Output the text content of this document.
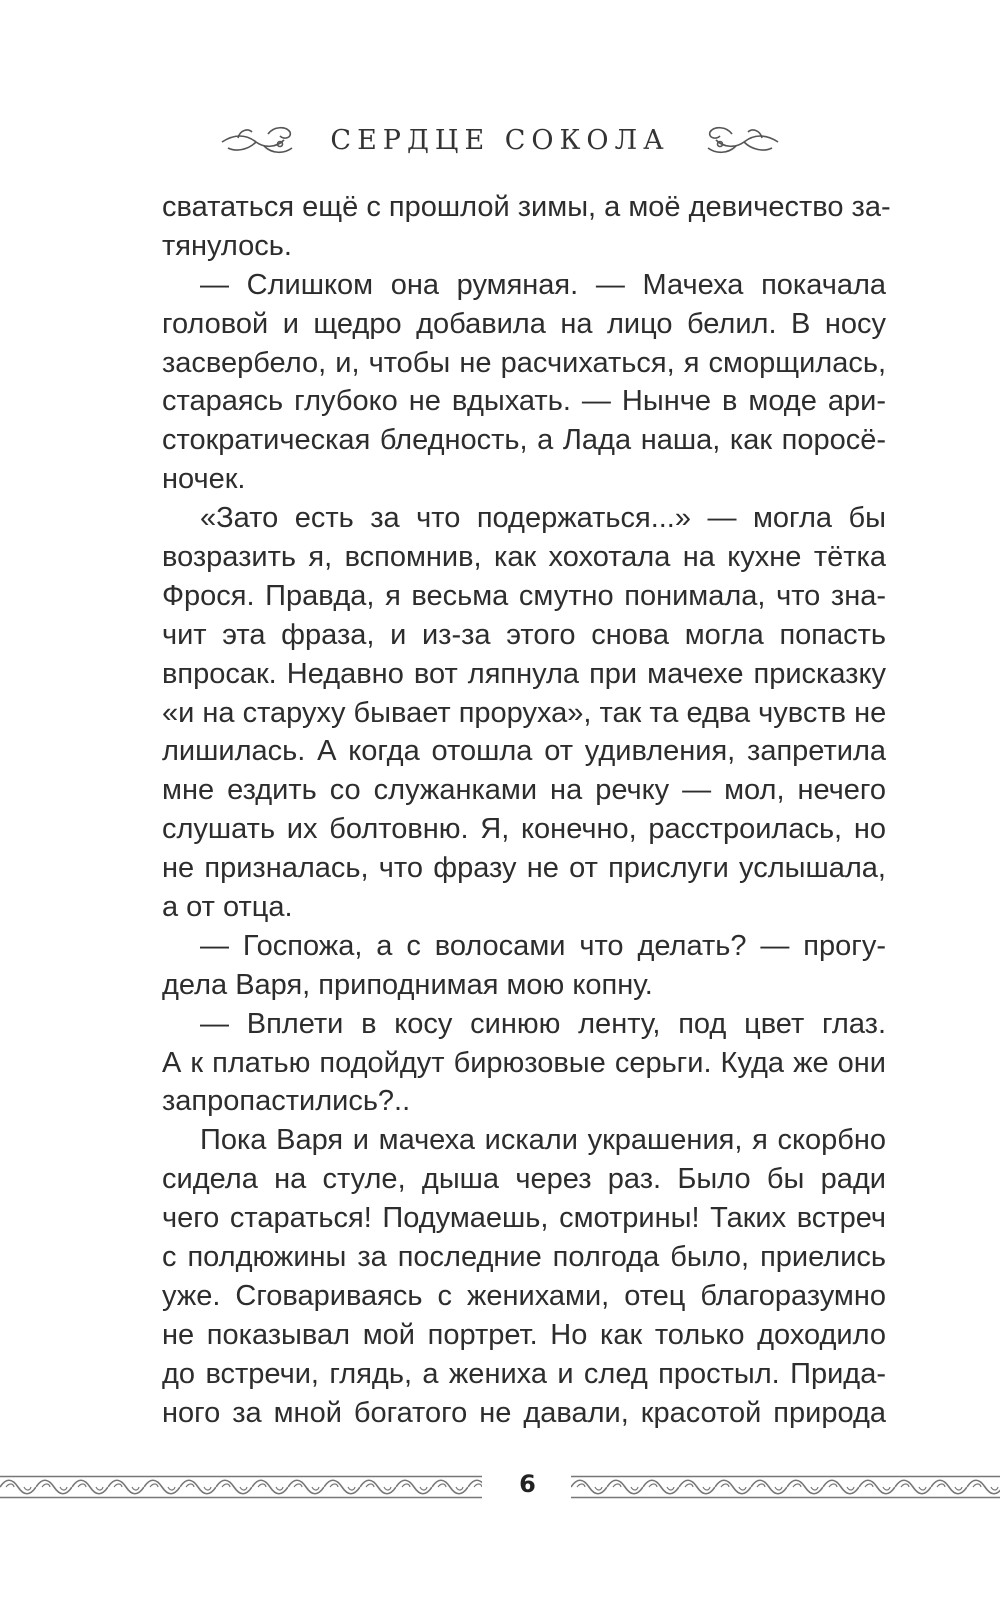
СЕРДЦЕ СОКОЛА
свататься ещё с прошлой зимы, а моё девичество за-
тянулось.
— Слишком она румяная. — Мачеха покачала
головой и щедро добавила на лицо белил. В носу
засвербело, и, чтобы не расчихаться, я сморщилась,
стараясь глубоко не вдыхать. — Нынче в моде ари-
стократическая бледность, а Лада наша, как поросё-
ночек.
«Зато есть за что подержаться...» — могла бы
возразить я, вспомнив, как хохотала на кухне тётка
Фрося. Правда, я весьма смутно понимала, что зна-
чит эта фраза, и из-за этого снова могла попасть
впросак. Недавно вот ляпнула при мачехе присказку
«и на старуху бывает проруха», так та едва чувств не
лишилась. А когда отошла от удивления, запретила
мне ездить со служанками на речку — мол, нечего
слушать их болтовню. Я, конечно, расстроилась, но
не призналась, что фразу не от прислуги услышала,
а от отца.
— Госпожа, а с волосами что делать? — прогу-
дела Варя, приподнимая мою копну.
— Вплети в косу синюю ленту, под цвет глаз.
А к платью подойдут бирюзовые серьги. Куда же они
запропастились?..
Пока Варя и мачеха искали украшения, я скорбно
сидела на стуле, дыша через раз. Было бы ради
чего стараться! Подумаешь, смотрины! Таких встреч
с полдюжины за последние полгода было, приелись
уже. Сговариваясь с женихами, отец благоразумно
не показывал мой портрет. Но как только доходило
до встречи, глядь, а жениха и след простыл. Прида-
ного за мной богатого не давали, красотой природа
6
